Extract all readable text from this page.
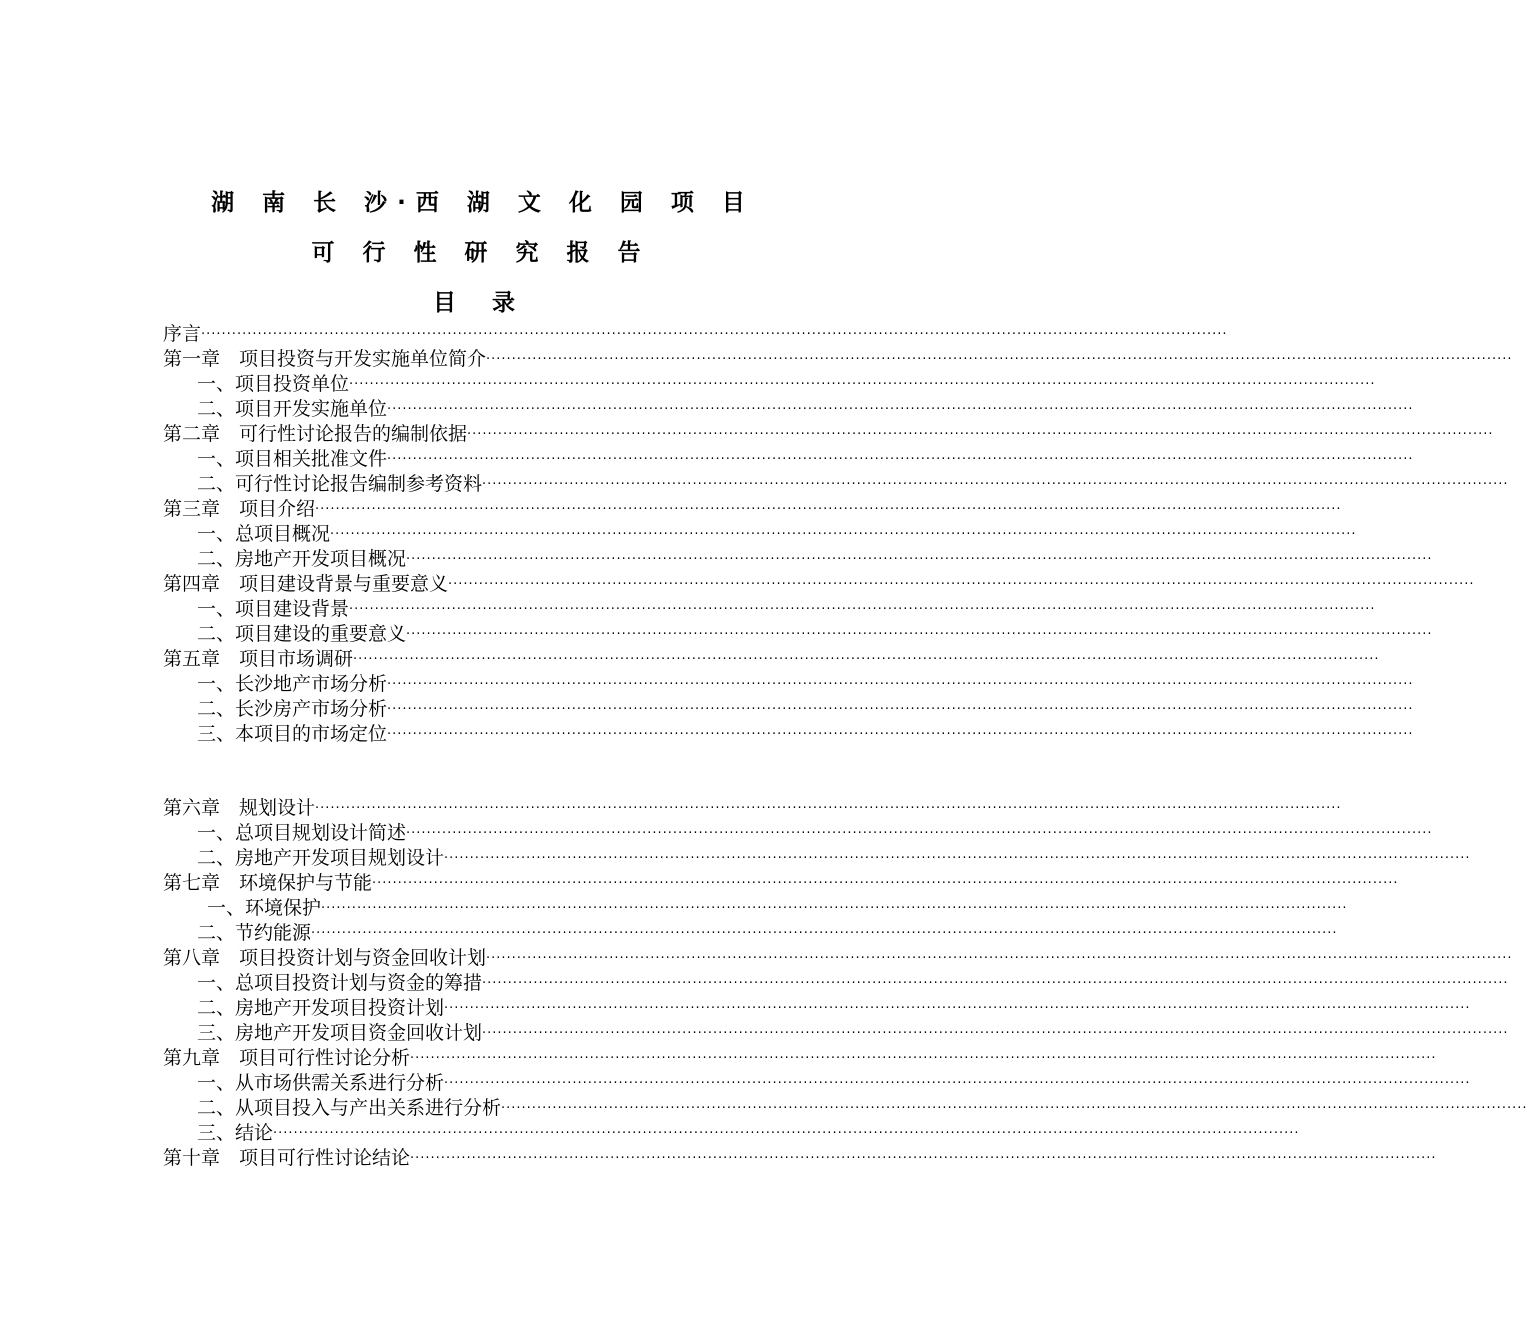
湖 南 长 沙·西 湖 文 化 园 项 目
可 行 性 研 究 报 告
目 录
序言········································································································································································································
第一章　项目投资与开发实施单位简介········································································································································································································
一、项目投资单位········································································································································································································
二、项目开发实施单位········································································································································································································
第二章　可行性讨论报告的编制依据········································································································································································································
一、项目相关批准文件········································································································································································································
二、可行性讨论报告编制参考资料········································································································································································································
第三章　项目介绍········································································································································································································
一、总项目概况········································································································································································································
二、房地产开发项目概况········································································································································································································
第四章　项目建设背景与重要意义········································································································································································································
一、项目建设背景········································································································································································································
二、项目建设的重要意义········································································································································································································
第五章　项目市场调研········································································································································································································
一、长沙地产市场分析········································································································································································································
二、长沙房产市场分析········································································································································································································
三、本项目的市场定位········································································································································································································
第六章　规划设计········································································································································································································
一、总项目规划设计简述········································································································································································································
二、房地产开发项目规划设计········································································································································································································
第七章　环境保护与节能········································································································································································································
一、环境保护········································································································································································································
二、节约能源········································································································································································································
第八章　项目投资计划与资金回收计划········································································································································································································
一、总项目投资计划与资金的筹措········································································································································································································
二、房地产开发项目投资计划········································································································································································································
三、房地产开发项目资金回收计划········································································································································································································
第九章　项目可行性讨论分析········································································································································································································
一、从市场供需关系进行分析········································································································································································································
二、从项目投入与产出关系进行分析········································································································································································································
三、结论········································································································································································································
第十章　项目可行性讨论结论········································································································································································································
